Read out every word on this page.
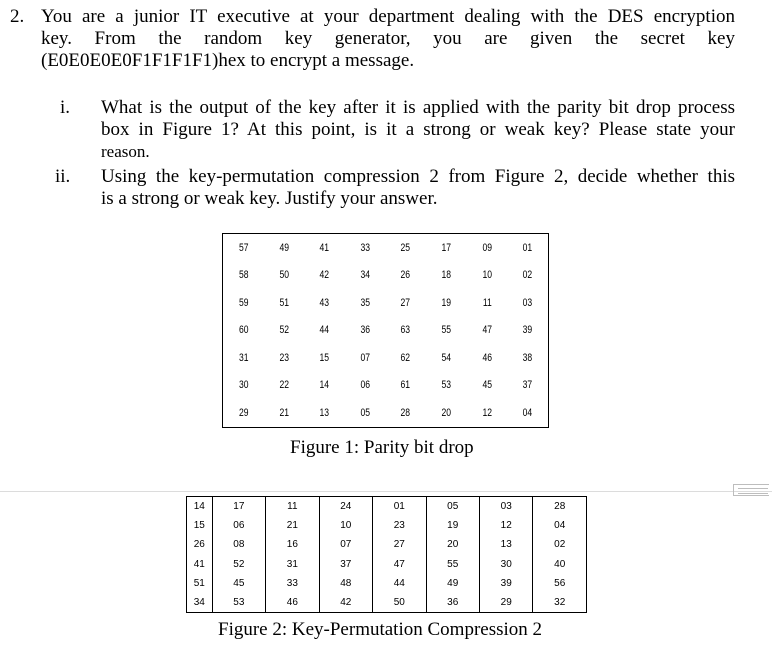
2. You are a junior IT executive at your department dealing with the DES encryption
key. From the random key generator, you are given the secret key
(E0E0E0E0F1F1F1F1)hex to encrypt a message.
i. What is the output of the key after it is applied with the parity bit drop process
box in Figure 1? At this point, is it a strong or weak key? Please state your
reason.
ii. Using the key-permutation compression 2 from Figure 2, decide whether this
is a strong or weak key. Justify your answer.
57	49	41	33	25	17	09	01
58	50	42	34	26	18	10	02
59	51	43	35	27	19	11	03
60	52	44	36	63	55	47	39
31	23	15	07	62	54	46	38
30	22	14	06	61	53	45	37
29	21	13	05	28	20	12	04
Figure 1: Parity bit drop
14	17	11	24	01	05	03	28
15	06	21	10	23	19	12	04
26	08	16	07	27	20	13	02
41	52	31	37	47	55	30	40
51	45	33	48	44	49	39	56
34	53	46	42	50	36	29	32
Figure 2: Key-Permutation Compression 2
